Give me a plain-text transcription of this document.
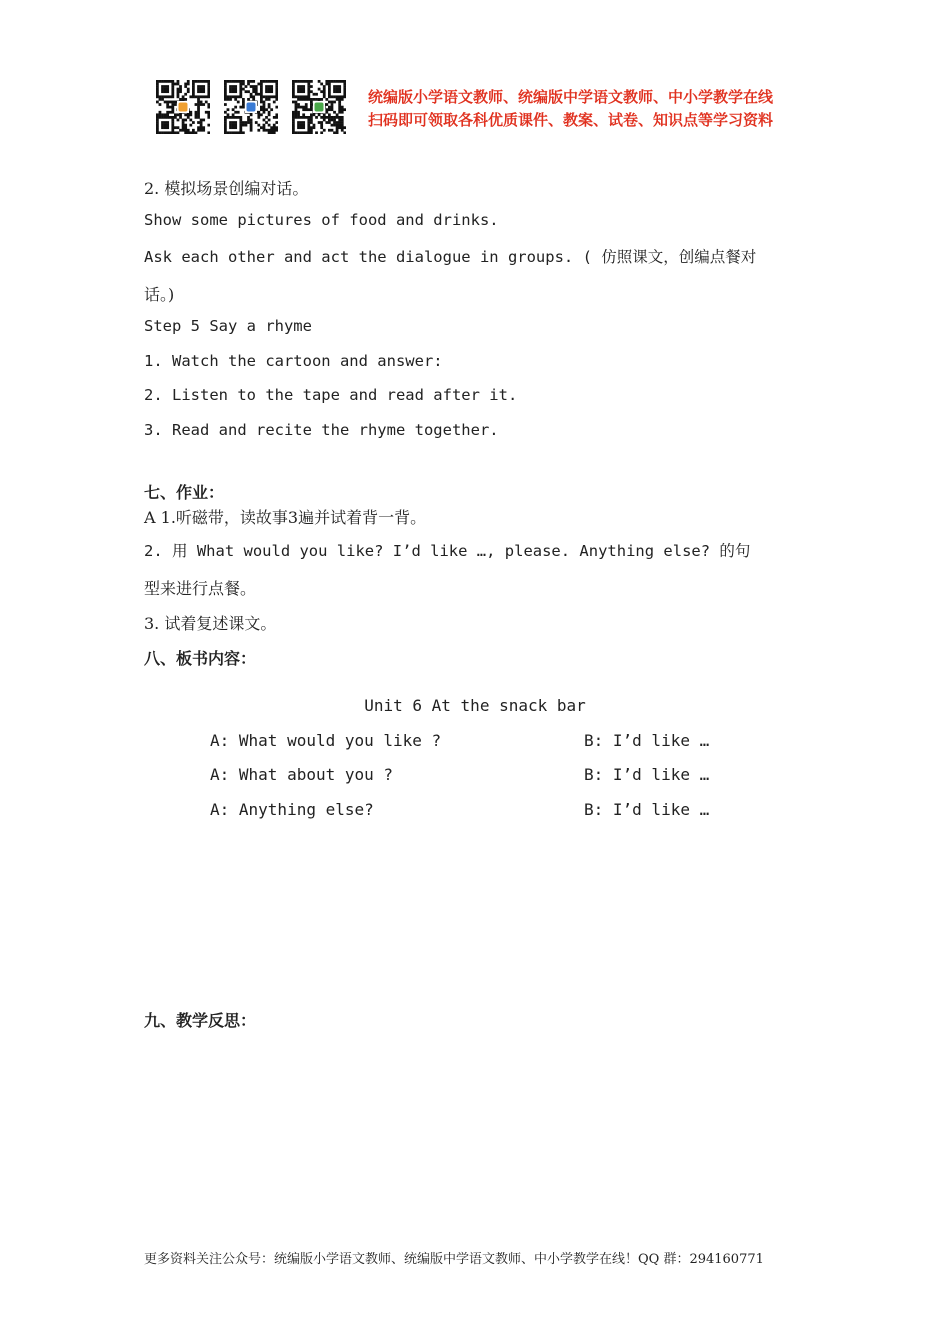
统编版小学语文教师、统编版中学语文教师、中小学教学在线
扫码即可领取各科优质课件、教案、试卷、知识点等学习资料
2. 模拟场景创编对话。
Show some pictures of food and drinks.
Ask each other and act the dialogue in groups. ( 仿照课文，创编点餐对
话。)
Step 5 Say a rhyme
1. Watch the cartoon and answer:
2. Listen to the tape and read after it.
3. Read and recite the rhyme together.
七、作业：
A 1.听磁带，读故事3遍并试着背一背。
2. 用 What would you like? I’d like …, please. Anything else? 的句
型来进行点餐。
3. 试着复述课文。
八、板书内容：
Unit 6 At the snack bar
A: What would you like ?	B: I’d like …
A: What about you ?	B: I’d like …
A: Anything else?	B: I’d like …
九、教学反思：
更多资料关注公众号：统编版小学语文教师、统编版中学语文教师、中小学教学在线！QQ 群：294160771
